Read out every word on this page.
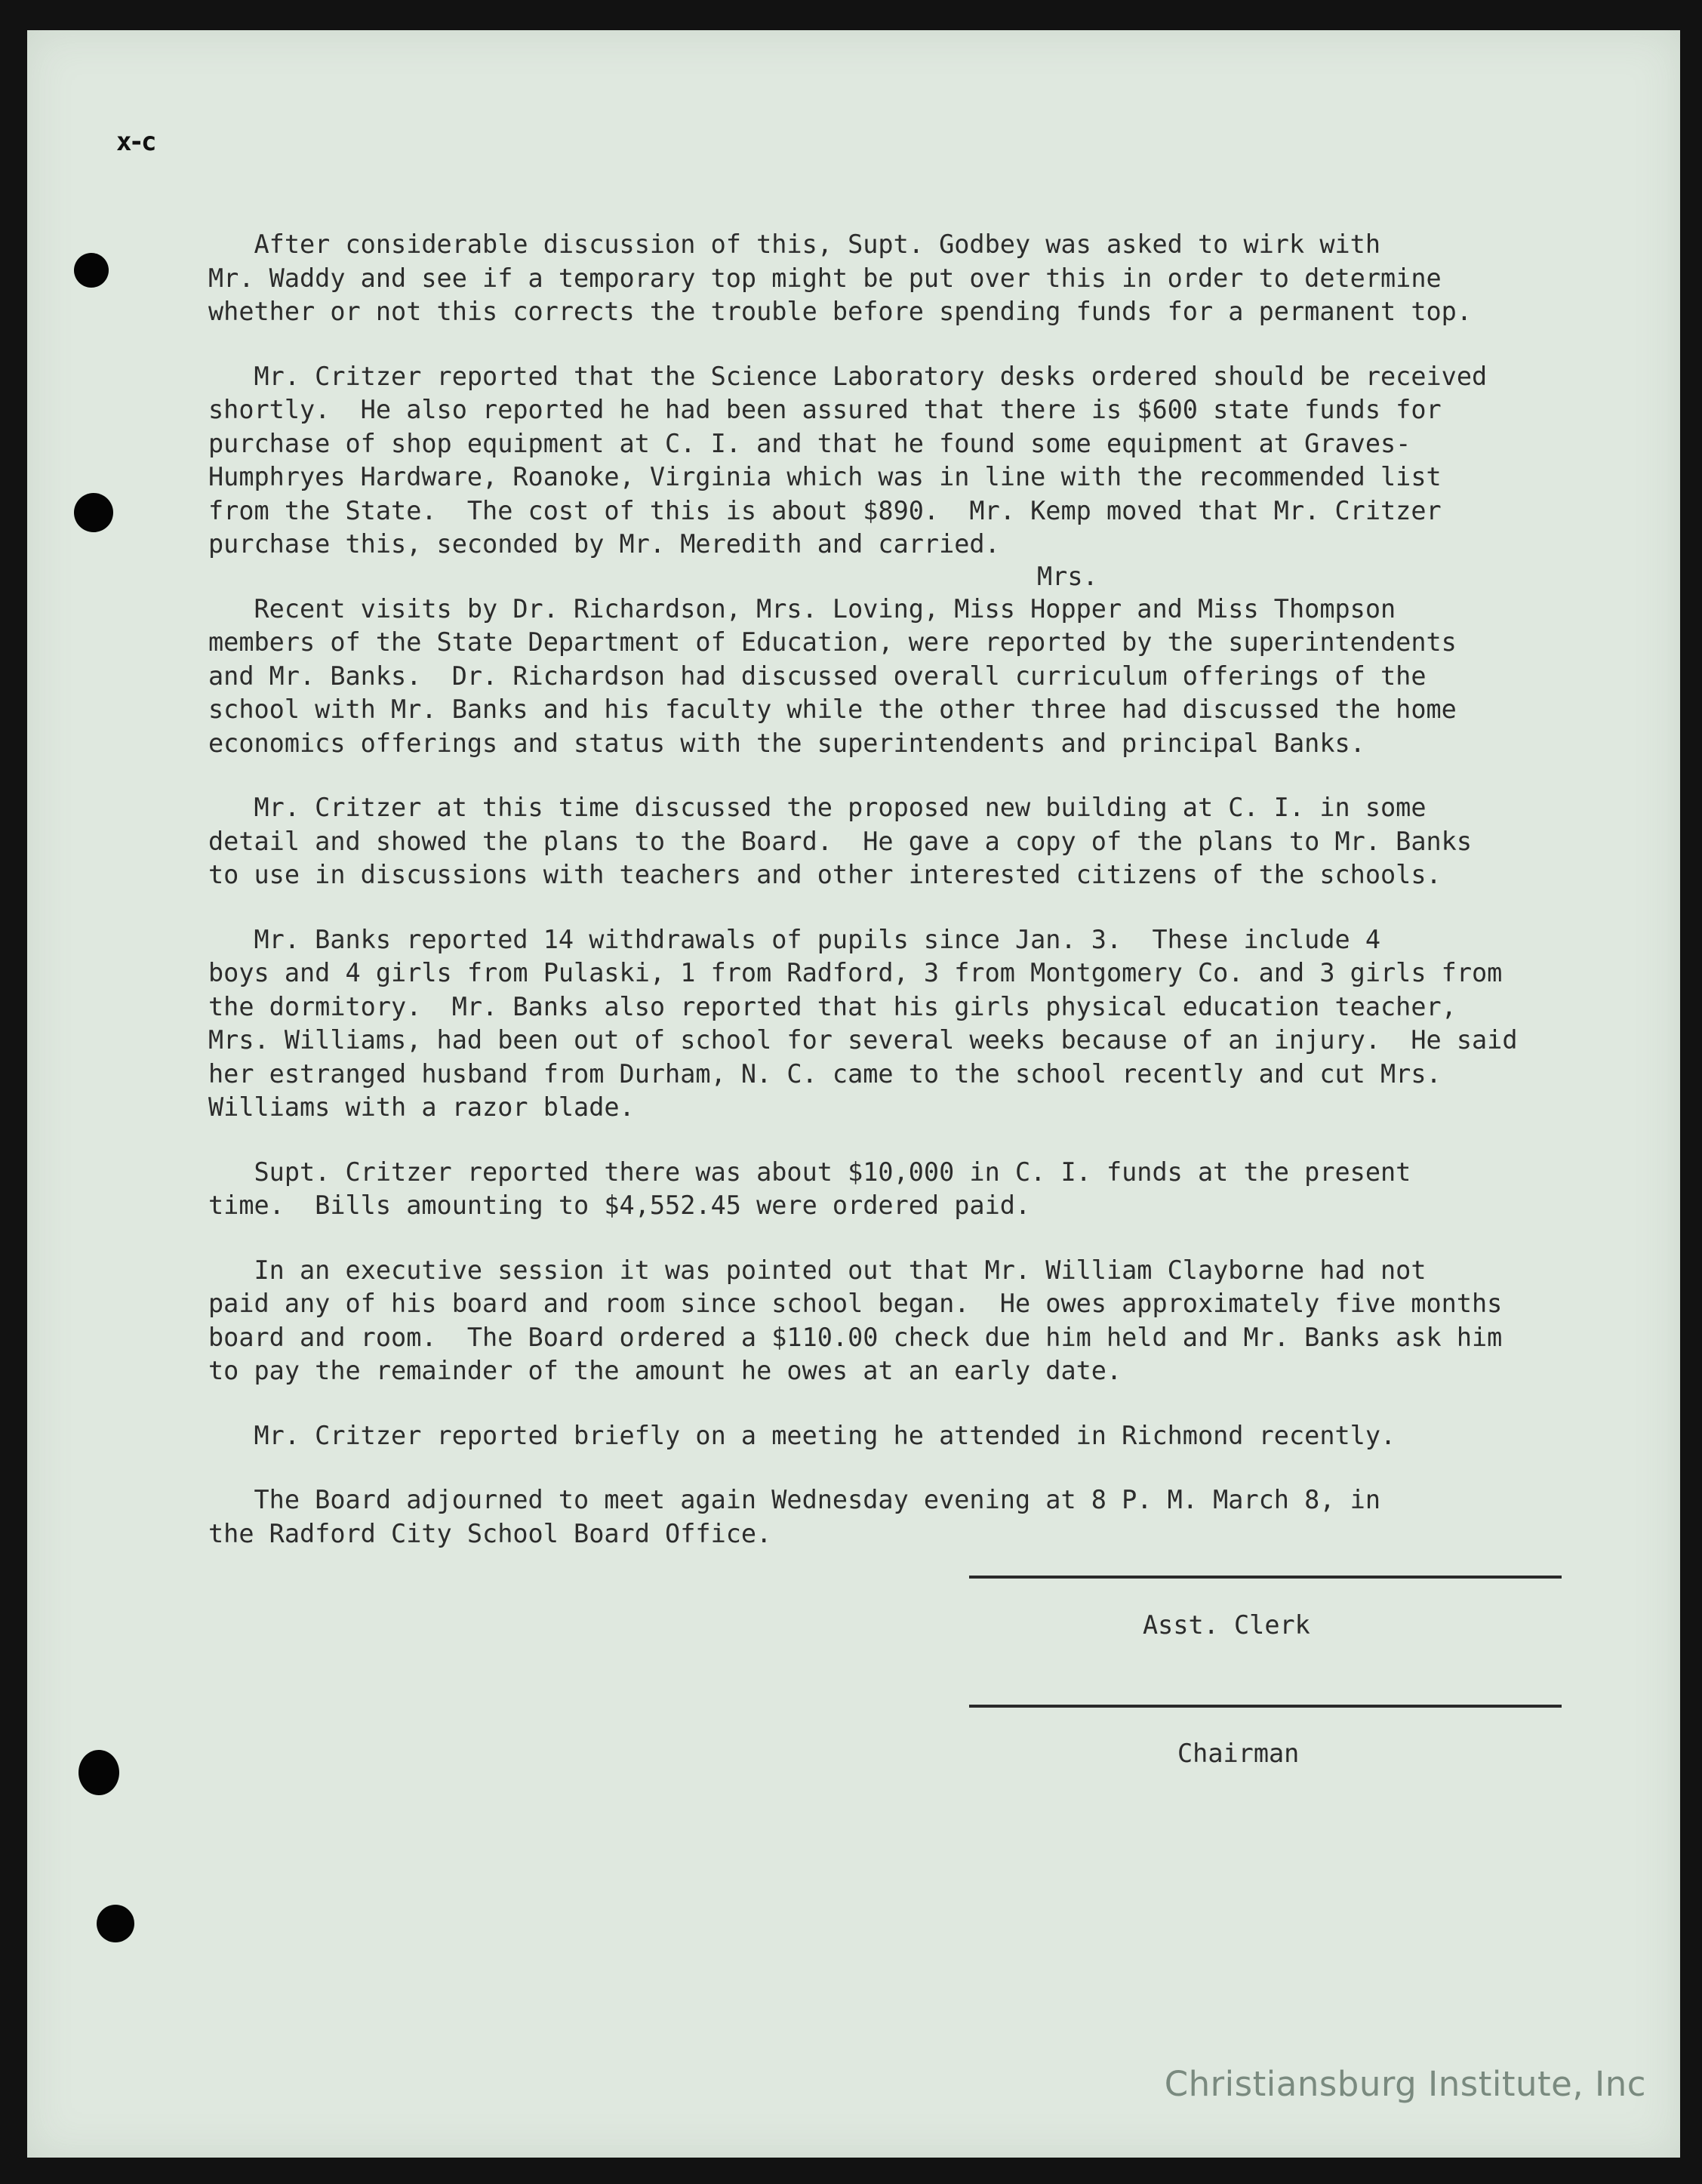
x-c
Mrs.
After considerable discussion of this, Supt. Godbey was asked to wirk with
Mr. Waddy and see if a temporary top might be put over this in order to determine
whether or not this corrects the trouble before spending funds for a permanent top.
Mr. Critzer reported that the Science Laboratory desks ordered should be received
shortly.  He also reported he had been assured that there is $600 state funds for
purchase of shop equipment at C. I. and that he found some equipment at Graves-
Humphryes Hardware, Roanoke, Virginia which was in line with the recommended list
from the State.  The cost of this is about $890.  Mr. Kemp moved that Mr. Critzer
purchase this, seconded by Mr. Meredith and carried.
Recent visits by Dr. Richardson, Mrs. Loving, Miss Hopper and Miss Thompson
members of the State Department of Education, were reported by the superintendents
and Mr. Banks.  Dr. Richardson had discussed overall curriculum offerings of the
school with Mr. Banks and his faculty while the other three had discussed the home
economics offerings and status with the superintendents and principal Banks.
Mr. Critzer at this time discussed the proposed new building at C. I. in some
detail and showed the plans to the Board.  He gave a copy of the plans to Mr. Banks
to use in discussions with teachers and other interested citizens of the schools.
Mr. Banks reported 14 withdrawals of pupils since Jan. 3.  These include 4
boys and 4 girls from Pulaski, 1 from Radford, 3 from Montgomery Co. and 3 girls from
the dormitory.  Mr. Banks also reported that his girls physical education teacher,
Mrs. Williams, had been out of school for several weeks because of an injury.  He said
her estranged husband from Durham, N. C. came to the school recently and cut Mrs.
Williams with a razor blade.
Supt. Critzer reported there was about $10,000 in C. I. funds at the present
time.  Bills amounting to $4,552.45 were ordered paid.
In an executive session it was pointed out that Mr. William Clayborne had not
paid any of his board and room since school began.  He owes approximately five months
board and room.  The Board ordered a $110.00 check due him held and Mr. Banks ask him
to pay the remainder of the amount he owes at an early date.
Mr. Critzer reported briefly on a meeting he attended in Richmond recently.
The Board adjourned to meet again Wednesday evening at 8 P. M. March 8, in
the Radford City School Board Office.
Asst. Clerk
Chairman
Christiansburg Institute, Inc
